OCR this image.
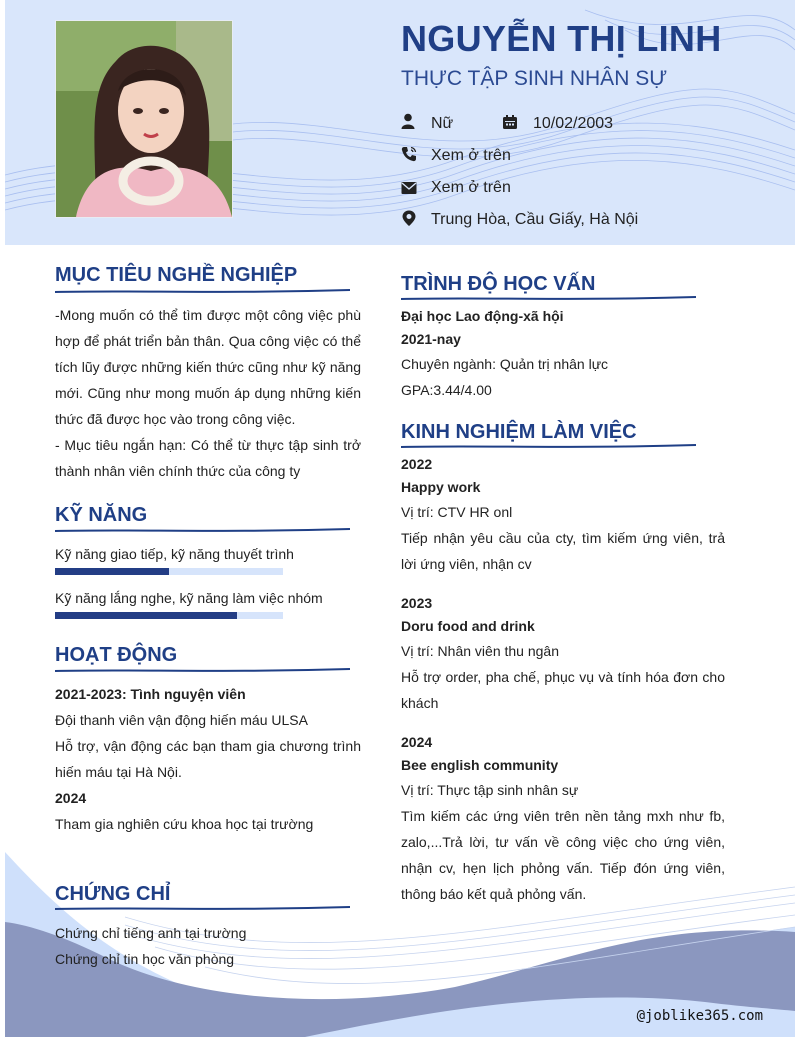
NGUYỄN THỊ LINH
THỰC TẬP SINH NHÂN SỰ
Nữ	10/02/2003
Xem ở trên
Xem ở trên
Trung Hòa, Cầu Giấy, Hà Nội
MỤC TIÊU NGHỀ NGHIỆP
-Mong muốn có thể tìm được một công việc phù hợp để phát triển bản thân. Qua công việc có thể tích lũy được những kiến thức cũng như kỹ năng mới. Cũng như mong muốn áp dụng những kiến thức đã được học vào trong công việc.
- Mục tiêu ngắn hạn: Có thể từ thực tập sinh trở thành nhân viên chính thức của công ty
KỸ NĂNG
Kỹ năng giao tiếp, kỹ năng thuyết trình
Kỹ năng lắng nghe, kỹ năng làm việc nhóm
HOẠT ĐỘNG
2021-2023: Tình nguyện viên
Đội thanh viên vận động hiến máu ULSA
Hỗ trợ, vận động các bạn tham gia chương trình hiến máu tại Hà Nội.
2024
Tham gia nghiên cứu khoa học tại trường
CHỨNG CHỈ
Chứng chỉ tiếng anh tại trường
Chứng chỉ tin học văn phòng
TRÌNH ĐỘ HỌC VẤN
Đại học Lao động-xã hội
2021-nay
Chuyên ngành: Quản trị nhân lực
GPA:3.44/4.00
KINH NGHIỆM LÀM VIỆC
2022
Happy work
Vị trí: CTV HR onl
Tiếp nhận yêu cầu của cty, tìm kiếm ứng viên, trả lời ứng viên, nhận cv
2023
Doru food and drink
Vị trí: Nhân viên thu ngân
Hỗ trợ order, pha chế, phục vụ và tính hóa đơn cho khách
2024
Bee english community
Vị trí: Thực tập sinh nhân sự
Tìm kiếm các ứng viên trên nền tảng mxh như fb, zalo,...Trả lời, tư vấn về công việc cho ứng viên, nhận cv, hẹn lịch phỏng vấn. Tiếp đón ứng viên, thông báo kết quả phỏng vấn.
@joblike365.com
